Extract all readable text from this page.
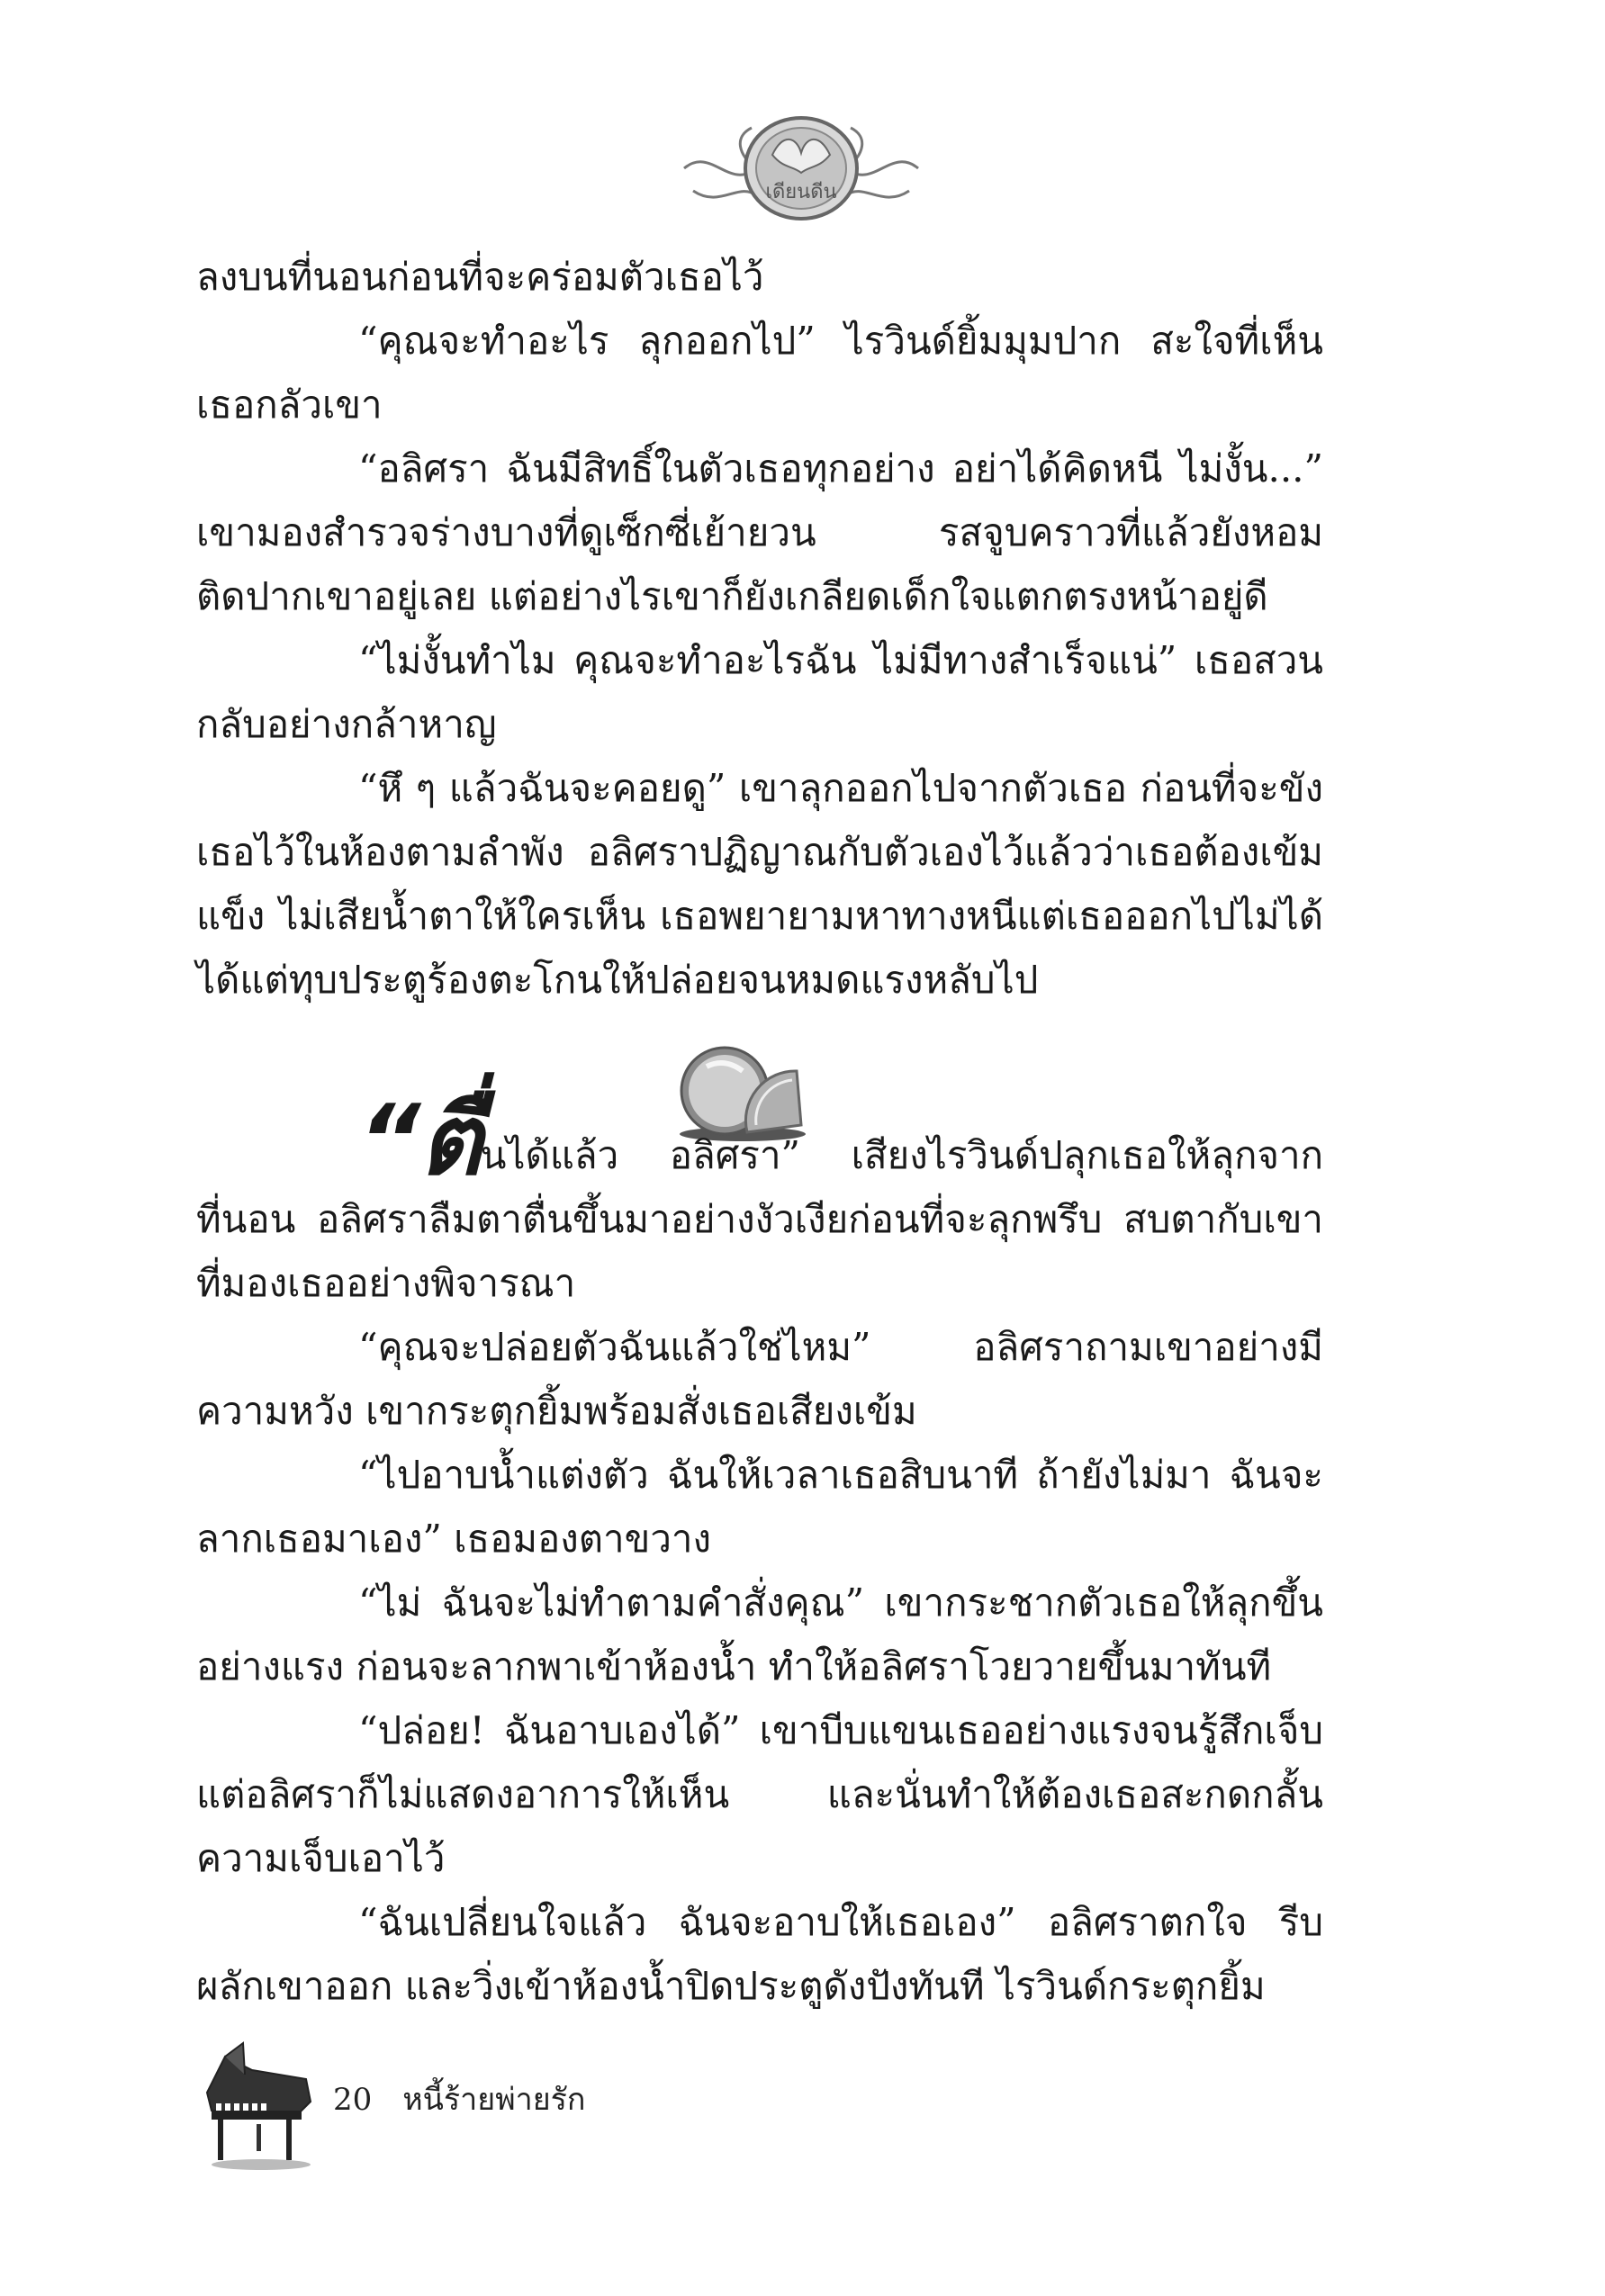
เดียนดีน

ลงบนที่นอนก่อนที่จะคร่อมตัวเธอไว้

“คุณจะทำอะไร ลุกออกไป” ไรวินด์ยิ้มมุมปาก สะใจที่เห็นเธอกลัวเขา

“อลิศรา ฉันมีสิทธิ์ในตัวเธอทุกอย่าง อย่าได้คิดหนี ไม่งั้น...” เขามองสำรวจร่างบางที่ดูเซ็กซี่เย้ายวน รสจูบคราวที่แล้วยังหอมติดปากเขาอยู่เลย แต่อย่างไรเขาก็ยังเกลียดเด็กใจแตกตรงหน้าอยู่ดี

“ไม่งั้นทำไม คุณจะทำอะไรฉัน ไม่มีทางสำเร็จแน่” เธอสวนกลับอย่างกล้าหาญ

“หึ ๆ แล้วฉันจะคอยดู” เขาลุกออกไปจากตัวเธอ ก่อนที่จะขังเธอไว้ในห้องตามลำพัง อลิศราปฏิญาณกับตัวเองไว้แล้วว่าเธอต้องเข้มแข็ง ไม่เสียน้ำตาให้ใครเห็น เธอพยายามหาทางหนีแต่เธอออกไปไม่ได้ ได้แต่ทุบประตูร้องตะโกนให้ปล่อยจนหมดแรงหลับไป

“ตื่นได้แล้ว อลิศรา” เสียงไรวินด์ปลุกเธอให้ลุกจากที่นอน อลิศราลืมตาตื่นขึ้นมาอย่างงัวเงียก่อนที่จะลุกพรึบ สบตากับเขาที่มองเธออย่างพิจารณา

“คุณจะปล่อยตัวฉันแล้วใช่ไหม” อลิศราถามเขาอย่างมีความหวัง เขากระตุกยิ้มพร้อมสั่งเธอเสียงเข้ม

“ไปอาบน้ำแต่งตัว ฉันให้เวลาเธอสิบนาที ถ้ายังไม่มา ฉันจะลากเธอมาเอง” เธอมองตาขวาง

“ไม่ ฉันจะไม่ทำตามคำสั่งคุณ” เขากระชากตัวเธอให้ลุกขึ้นอย่างแรง ก่อนจะลากพาเข้าห้องน้ำ ทำให้อลิศราโวยวายขึ้นมาทันที

“ปล่อย! ฉันอาบเองได้” เขาบีบแขนเธออย่างแรงจนรู้สึกเจ็บ แต่อลิศราก็ไม่แสดงอาการให้เห็น และนั่นทำให้ต้องเธอสะกดกลั้นความเจ็บเอาไว้

“ฉันเปลี่ยนใจแล้ว ฉันจะอาบให้เธอเอง” อลิศราตกใจ รีบผลักเขาออก และวิ่งเข้าห้องน้ำปิดประตูดังปังทันที ไรวินด์กระตุกยิ้ม

20 หนี้ร้ายพ่ายรัก
